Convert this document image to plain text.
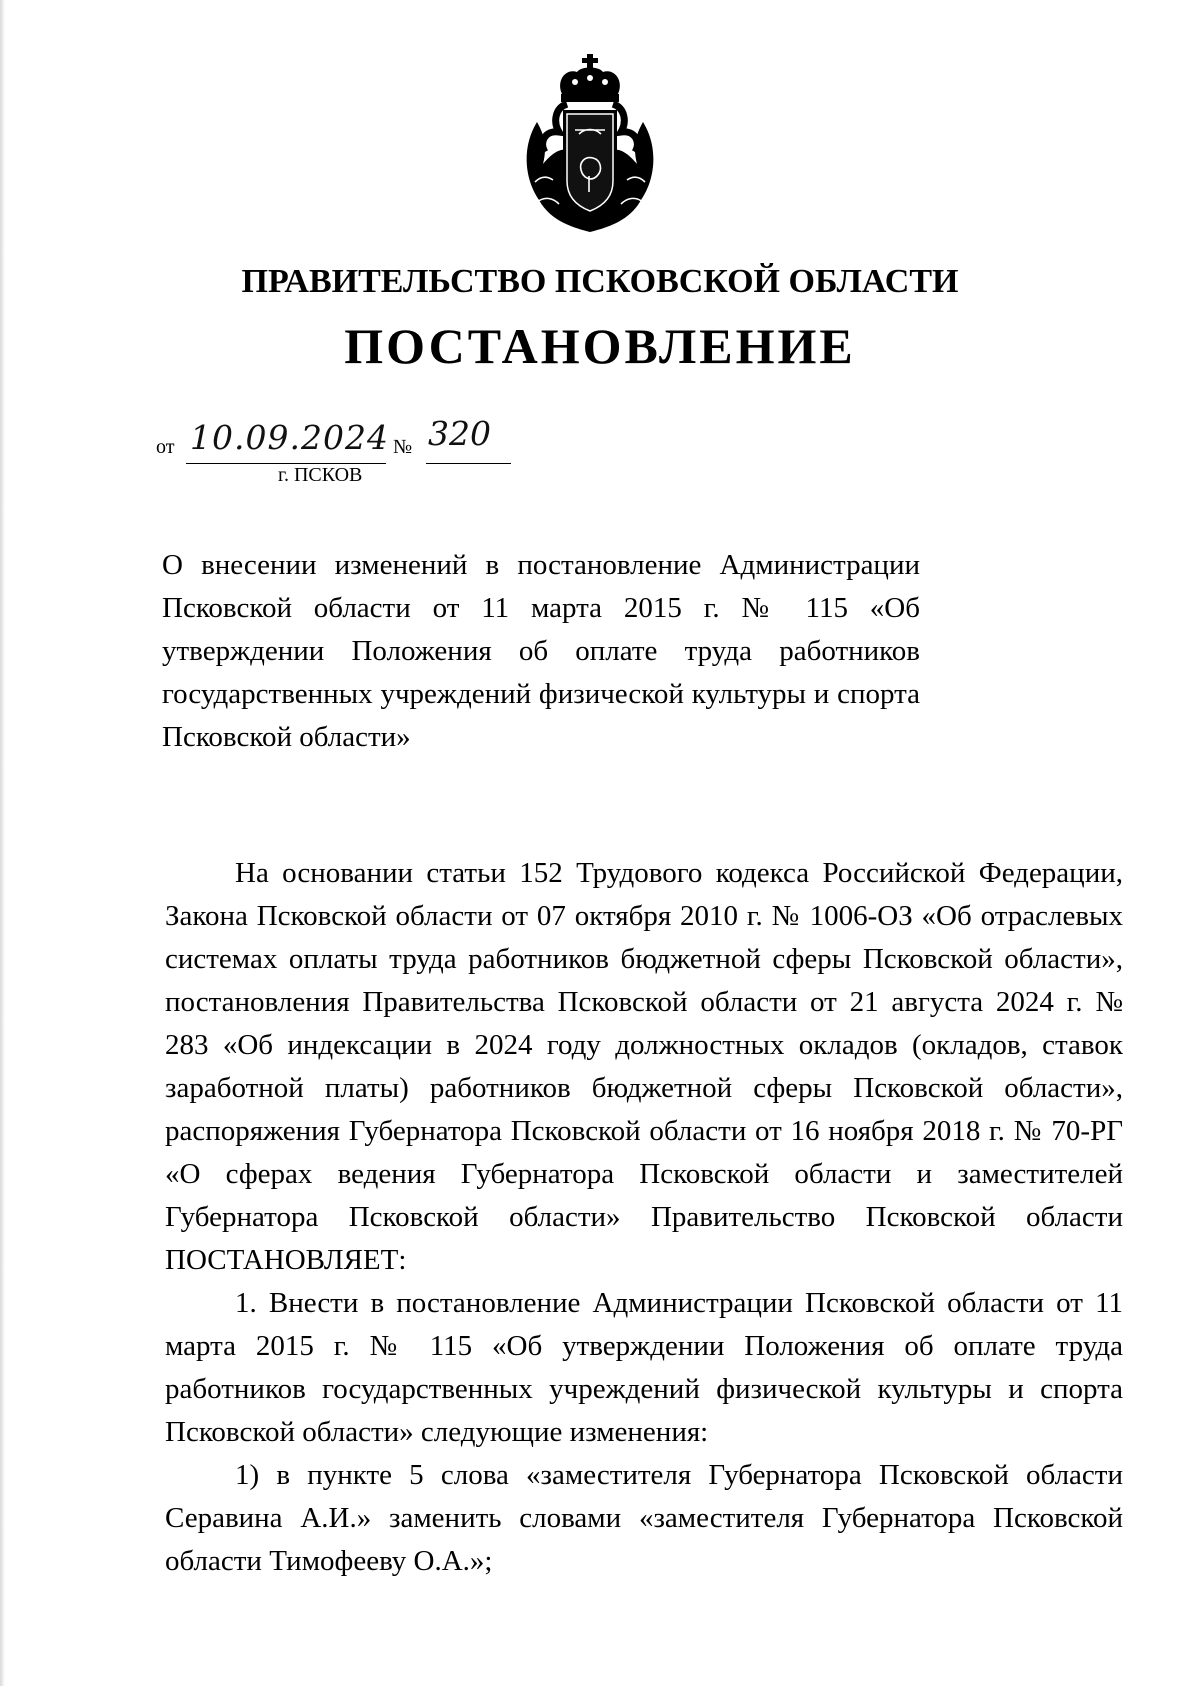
ПРАВИТЕЛЬСТВО ПСКОВСКОЙ ОБЛАСТИ
ПОСТАНОВЛЕНИЕ
от 10.09.2024 № 320
г. ПСКОВ

О внесении изменений в постановление Администрации Псковской области от 11 марта 2015 г. № 115 «Об утверждении Положения об оплате труда работников государственных учреждений физической культуры и спорта Псковской области»

На основании статьи 152 Трудового кодекса Российской Федерации, Закона Псковской области от 07 октября 2010 г. № 1006-ОЗ «Об отраслевых системах оплаты труда работников бюджетной сферы Псковской области», постановления Правительства Псковской области от 21 августа 2024 г. № 283 «Об индексации в 2024 году должностных окладов (окладов, ставок заработной платы) работников бюджетной сферы Псковской области», распоряжения Губернатора Псковской области от 16 ноября 2018 г. № 70-РГ «О сферах ведения Губернатора Псковской области и заместителей Губернатора Псковской области» Правительство Псковской области ПОСТАНОВЛЯЕТ:

1. Внести в постановление Администрации Псковской области от 11 марта 2015 г. № 115 «Об утверждении Положения об оплате труда работников государственных учреждений физической культуры и спорта Псковской области» следующие изменения:

1) в пункте 5 слова «заместителя Губернатора Псковской области Серавина А.И.» заменить словами «заместителя Губернатора Псковской области Тимофееву О.А.»;
